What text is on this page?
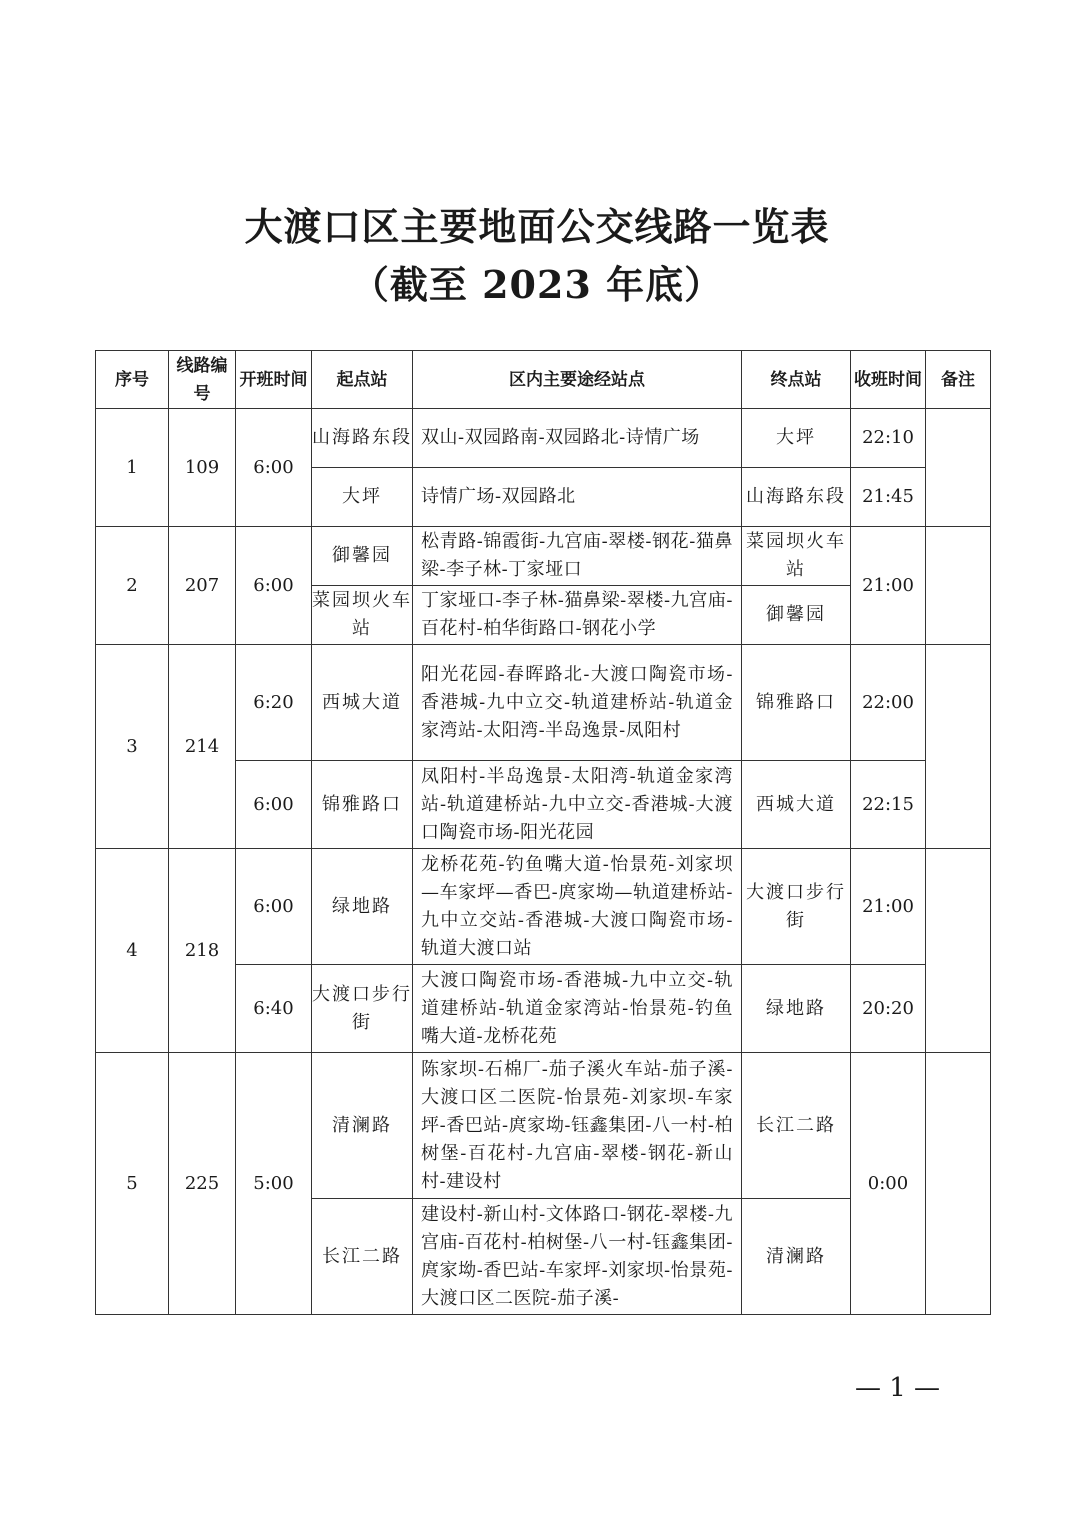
大渡口区主要地面公交线路一览表
（截至 2023 年底）
序号	线路编号	开班时间	起点站	区内主要途经站点	终点站	收班时间	备注
1	109	6:00	山海路东段	双山-双园路南-双园路北-诗情广场	大坪	22:10	
			大坪	诗情广场-双园路北	山海路东段	21:45	
2	207	6:00	御馨园	松青路-锦霞街-九宫庙-翠楼-钢花-猫鼻梁-李子林-丁家垭口	菜园坝火车站	21:00	
			菜园坝火车站	丁家垭口-李子林-猫鼻梁-翠楼-九宫庙-百花村-柏华街路口-钢花小学	御馨园		
3	214	6:20	西城大道	阳光花园-春晖路北-大渡口陶瓷市场-香港城-九中立交-轨道建桥站-轨道金家湾站-太阳湾-半岛逸景-凤阳村	锦雅路口	22:00	
		6:00	锦雅路口	凤阳村-半岛逸景-太阳湾-轨道金家湾站-轨道建桥站-九中立交-香港城-大渡口陶瓷市场-阳光花园	西城大道	22:15	
4	218	6:00	绿地路	龙桥花苑-钓鱼嘴大道-怡景苑-刘家坝—车家坪—香巴-庹家坳—轨道建桥站-九中立交站-香港城-大渡口陶瓷市场-轨道大渡口站	大渡口步行街	21:00	
		6:40	大渡口步行街	大渡口陶瓷市场-香港城-九中立交-轨道建桥站-轨道金家湾站-怡景苑-钓鱼嘴大道-龙桥花苑	绿地路	20:20	
5	225	5:00	清澜路	陈家坝-石棉厂-茄子溪火车站-茄子溪-大渡口区二医院-怡景苑-刘家坝-车家坪-香巴站-庹家坳-钰鑫集团-八一村-柏树堡-百花村-九宫庙-翠楼-钢花-新山村-建设村	长江二路	0:00	
			长江二路	建设村-新山村-文体路口-钢花-翠楼-九宫庙-百花村-柏树堡-八一村-钰鑫集团-庹家坳-香巴站-车家坪-刘家坝-怡景苑-大渡口区二医院-茄子溪-	清澜路		
— 1 —
